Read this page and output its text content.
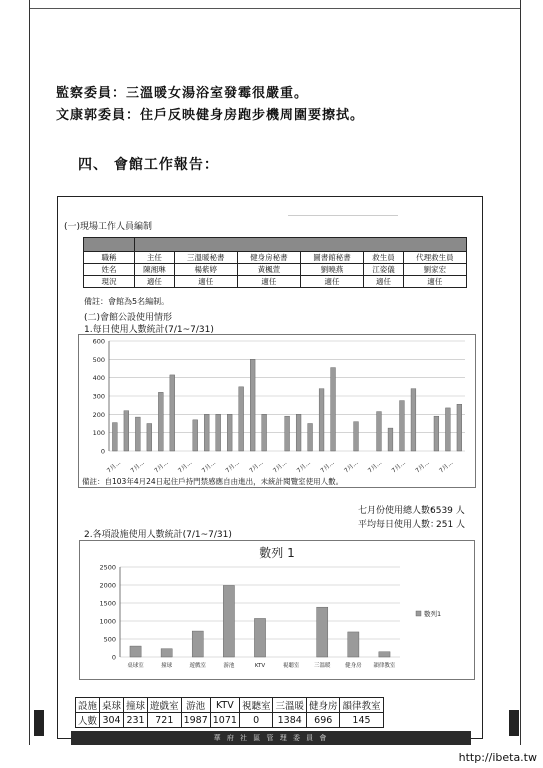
監察委員：三溫暖女湯浴室發霉很嚴重。
文康郭委員：住戶反映健身房跑步機周圍要擦拭。
四、 會館工作報告：
(一)現場工作人員編制

職稱	主任	三溫暖秘書	健身房秘書	圖書館秘書	救生員	代理救生員
姓名	陳湘琳	楊紫婷	黃楓萱	劉曉燕	江姿儀	劉家宏
現況	適任	適任	適任	適任	適任	適任
備註：會館為5名編制。
(二)會館公設使用情形
1.每日使用人數統計(7/1~7/31)
0
100
200
300
400
500
600
7月... 7月... 7月... 7月... 7月... 7月... 7月... 7月... 7月... 7月... 7月... 7月... 7月... 7月... 7月...
備註：自103年4月24日起住戶持門禁感應自由進出，未統計閱覽室使用人數。
七月份使用總人數：
6539 人
平均每日使用人數：
251 人
2.各項設施使用人數統計(7/1~7/31)
數列 1
0
500
1000
1500
2000
2500
桌球室	撞球	遊戲室	游池	KTV	視聽室	三溫暖	健身房 韻律教室
數列1
設施	桌球	撞球	遊戲室	游池	KTV	視聽室	三溫暖	健身房	韻律教室
人數	304	231	721	1987	1071	0	1384	696	145
華 府 社 區 管 理 委 員 會
http://ibeta.tw
